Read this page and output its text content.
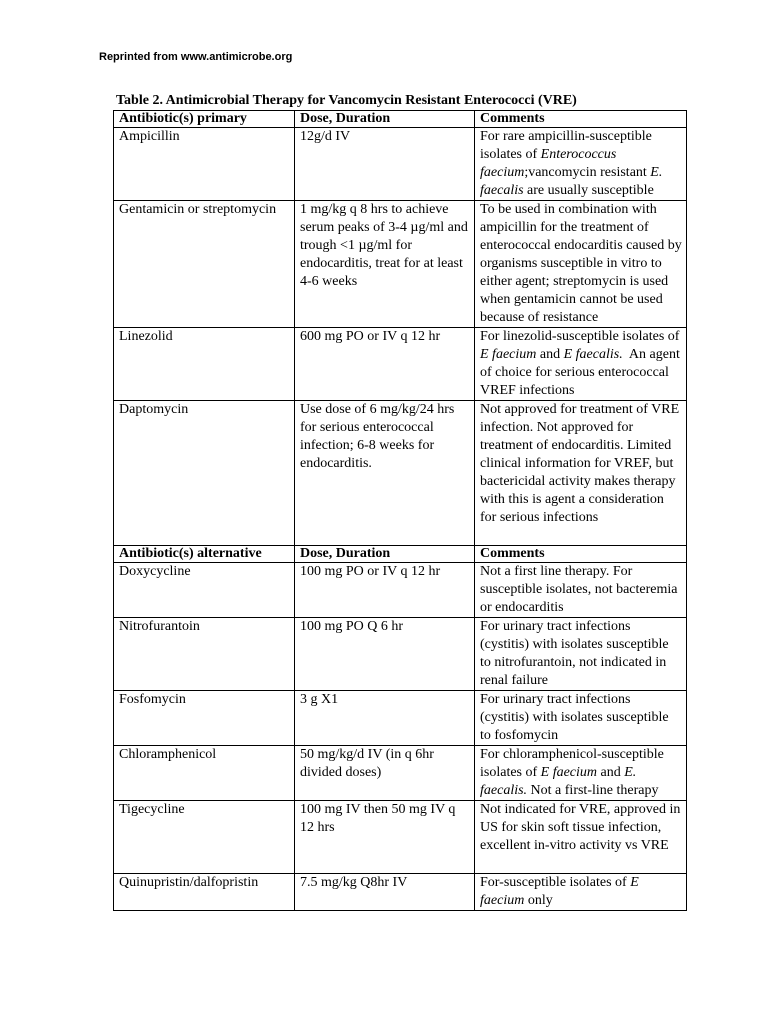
Reprinted from www.antimicrobe.org
Table 2. Antimicrobial Therapy for Vancomycin Resistant Enterococci (VRE)
Antibiotic(s) primary	Dose, Duration	Comments
Ampicillin	12g/d IV	For rare ampicillin-susceptible isolates of Enterococcus faecium;vancomycin resistant E. faecalis are usually susceptible
Gentamicin or streptomycin	1 mg/kg q 8 hrs to achieve serum peaks of 3-4 µg/ml and trough <1 µg/ml for endocarditis, treat for at least 4-6 weeks	To be used in combination with ampicillin for the treatment of enterococcal endocarditis caused by organisms susceptible in vitro to either agent; streptomycin is used when gentamicin cannot be used because of resistance
Linezolid	600 mg PO or IV q 12 hr	For linezolid-susceptible isolates of E faecium and E faecalis.  An agent of choice for serious enterococcal VREF infections
Daptomycin	Use dose of 6 mg/kg/24 hrs for serious enterococcal infection; 6-8 weeks for endocarditis.	Not approved for treatment of VRE infection. Not approved for treatment of endocarditis. Limited clinical information for VREF, but bactericidal activity makes therapy with this is agent a consideration for serious infections
Antibiotic(s) alternative	Dose, Duration	Comments
Doxycycline	100 mg PO or IV q 12 hr	Not a first line therapy. For susceptible isolates, not bacteremia or endocarditis
Nitrofurantoin	100 mg PO Q 6 hr	For urinary tract infections (cystitis) with isolates susceptible to nitrofurantoin, not indicated in renal failure
Fosfomycin	3 g X1	For urinary tract infections (cystitis) with isolates susceptible to fosfomycin
Chloramphenicol	50 mg/kg/d IV (in q 6hr divided doses)	For chloramphenicol-susceptible isolates of E faecium and E. faecalis. Not a first-line therapy
Tigecycline	100 mg IV then 50 mg IV q 12 hrs	Not indicated for VRE, approved in US for skin soft tissue infection, excellent in-vitro activity vs VRE
Quinupristin/dalfopristin	7.5 mg/kg Q8hr IV	For-susceptible isolates of E faecium only
